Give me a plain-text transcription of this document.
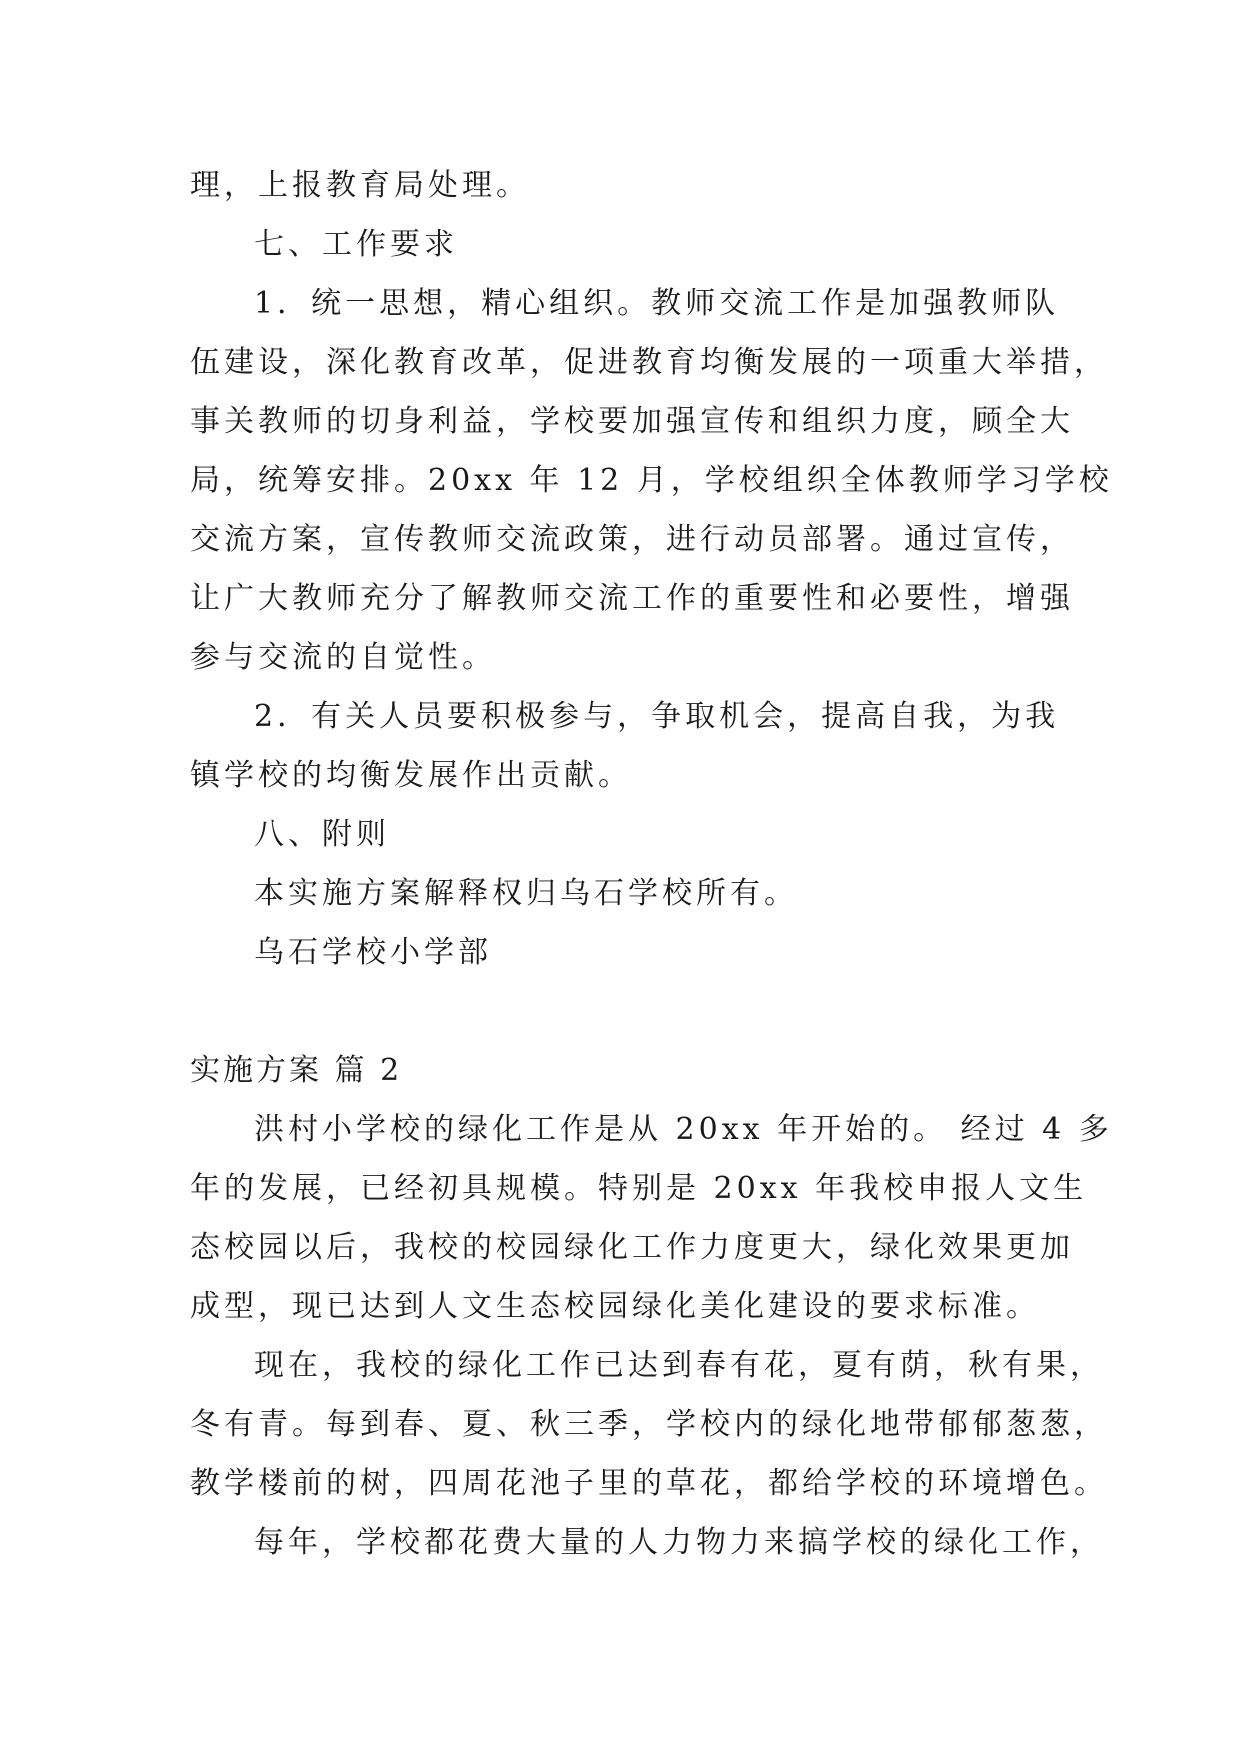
理，上报教育局处理。
七、工作要求
1．统一思想，精心组织。教师交流工作是加强教师队
伍建设，深化教育改革，促进教育均衡发展的一项重大举措，
事关教师的切身利益，学校要加强宣传和组织力度，顾全大
局，统筹安排。20xx 年 12 月，学校组织全体教师学习学校
交流方案，宣传教师交流政策，进行动员部署。通过宣传，
让广大教师充分了解教师交流工作的重要性和必要性，增强
参与交流的自觉性。
2．有关人员要积极参与，争取机会，提高自我，为我
镇学校的均衡发展作出贡献。
八、附则
本实施方案解释权归乌石学校所有。
乌石学校小学部
实施方案 篇 2
洪村小学校的绿化工作是从 20xx 年开始的。 经过 4 多
年的发展，已经初具规模。特别是 20xx 年我校申报人文生
态校园以后，我校的校园绿化工作力度更大，绿化效果更加
成型，现已达到人文生态校园绿化美化建设的要求标准。
现在，我校的绿化工作已达到春有花，夏有荫，秋有果，
冬有青。每到春、夏、秋三季，学校内的绿化地带郁郁葱葱，
教学楼前的树，四周花池子里的草花，都给学校的环境增色。
每年，学校都花费大量的人力物力来搞学校的绿化工作，
